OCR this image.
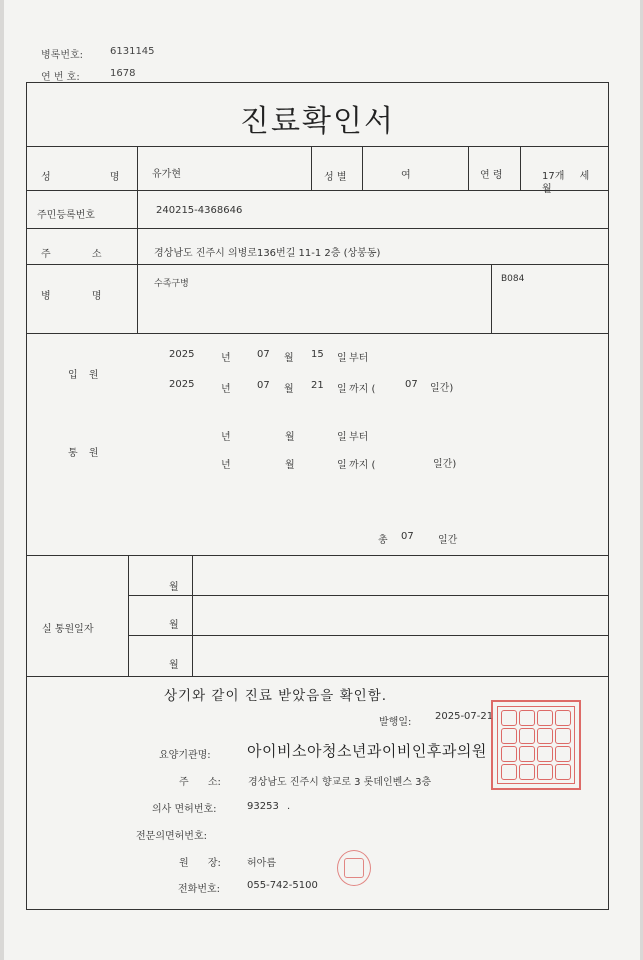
병록번호:	6131145
연 번 호:	1678
진료확인서
성 명 유가현	성 별	여	연 령	17개 세
월
주민등록번호	240215-4368646
주 소	경상남도 진주시 의병로136번길 11-1 2층 (상봉동)
병 명
수족구병	B084
입 원
2025	년	07 월 15 일 부터
2025	년	07 월 21 일 까지 (	07 일간)
통 원
년	월	일 부터
년	월	일 까지 (	일간)
총 07 일간
실 통원일자
월
월
월
상기와 같이 진료 받았음을 확인함.
발행일:
2025-07-21
요양기관명: 아이비소아청소년과이비인후과의원
주 소:	경상남도 진주시 향교로 3 롯데인벤스 3층
의사 면허번호:	93253 .
전문의면허번호:
원 장:	허아름
전화번호:	055-742-5100
